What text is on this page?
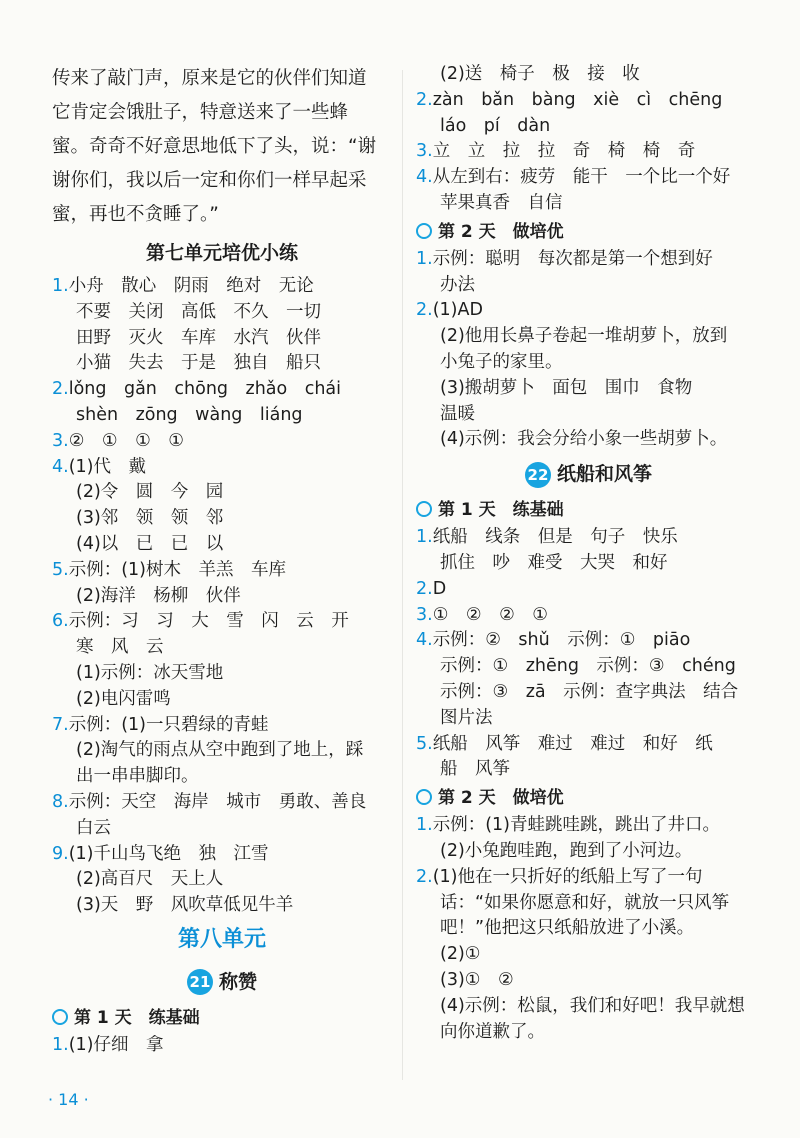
传来了敲门声，原来是它的伙伴们知道
它肯定会饿肚子，特意送来了一些蜂
蜜。奇奇不好意思地低下了头，说：“谢
谢你们，我以后一定和你们一样早起采
蜜，再也不贪睡了。”
第七单元培优小练
1.小舟　散心　阴雨　绝对　无论
不要　关闭　高低　不久　一切
田野　灭火　车库　水汽　伙伴
小猫　失去　于是　独自　船只
2.lǒng　gǎn　chōng　zhǎo　chái
shèn　zōng　wàng　liáng
3.②　①　①　①
4.(1)代　戴
(2)令　圆　今　园
(3)邻　领　领　邻
(4)以　已　已　以
5.示例：(1)树木　羊羔　车库
(2)海洋　杨柳　伙伴
6.示例：习　习　大　雪　闪　云　开
寒　风　云
(1)示例：冰天雪地
(2)电闪雷鸣
7.示例：(1)一只碧绿的青蛙
(2)淘气的雨点从空中跑到了地上，踩
出一串串脚印。
8.示例：天空　海岸　城市　勇敢、善良
白云
9.(1)千山鸟飞绝　独　江雪
(2)高百尺　天上人
(3)天　野　风吹草低见牛羊
第八单元
21 称赞
第 1 天　练基础
1.(1)仔细　拿
(2)送　椅子　极　接　收
2.zàn　bǎn　bàng　xiè　cì　chēng
láo　pí　dàn
3.立　立　拉　拉　奇　椅　椅　奇
4.从左到右：疲劳　能干　一个比一个好
苹果真香　自信
第 2 天　做培优
1.示例：聪明　每次都是第一个想到好
办法
2.(1)AD
(2)他用长鼻子卷起一堆胡萝卜，放到
小兔子的家里。
(3)搬胡萝卜　面包　围巾　食物
温暖
(4)示例：我会分给小象一些胡萝卜。
22 纸船和风筝
第 1 天　练基础
1.纸船　线条　但是　句子　快乐
抓住　吵　难受　大哭　和好
2.D
3.①　②　②　①
4.示例：②　shǔ　示例：①　piāo
示例：①　zhēng　示例：③　chéng
示例：③　zā　示例：查字典法　结合
图片法
5.纸船　风筝　难过　难过　和好　纸
船　风筝
第 2 天　做培优
1.示例：(1)青蛙跳哇跳，跳出了井口。
(2)小兔跑哇跑，跑到了小河边。
2.(1)他在一只折好的纸船上写了一句
话：“如果你愿意和好，就放一只风筝
吧！”他把这只纸船放进了小溪。
(2)①
(3)①　②
(4)示例：松鼠，我们和好吧！我早就想
向你道歉了。
· 14 ·
